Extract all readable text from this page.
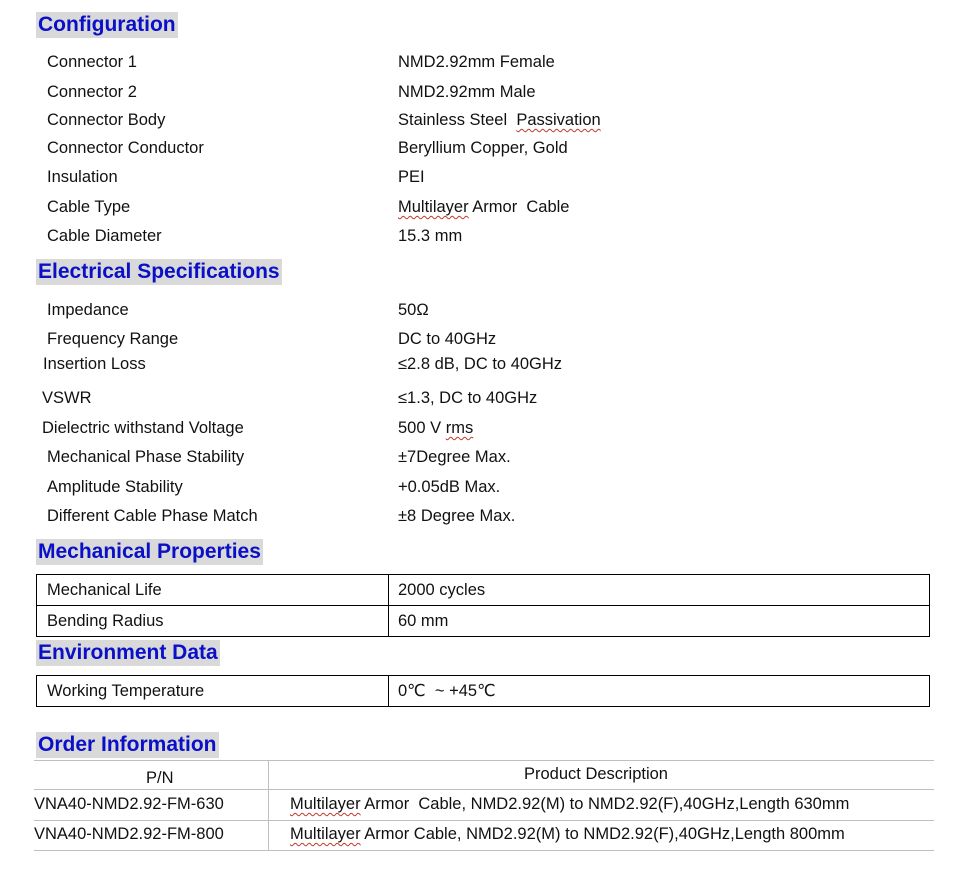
Configuration
Connector 1	NMD2.92mm Female
Connector 2	NMD2.92mm Male
Connector Body	Stainless Steel  Passivation
Connector Conductor	Beryllium Copper, Gold
Insulation	PEI
Cable Type	Multilayer Armor  Cable
Cable Diameter	15.3 mm
Electrical Specifications
Impedance	50Ω
Frequency Range	DC to 40GHz
Insertion Loss	≤2.8 dB, DC to 40GHz
VSWR	≤1.3, DC to 40GHz
Dielectric withstand Voltage	500 V rms
Mechanical Phase Stability	±7Degree Max.
Amplitude Stability	+0.05dB Max.
Different Cable Phase Match	±8 Degree Max.
Mechanical Properties
Mechanical Life	2000 cycles
Bending Radius	60 mm
Environment Data
Working Temperature	0℃  ~ +45℃
Order Information
P/N	Product Description
VNA40-NMD2.92-FM-630	Multilayer Armor  Cable, NMD2.92(M) to NMD2.92(F),40GHz,Length 630mm
VNA40-NMD2.92-FM-800	Multilayer Armor Cable, NMD2.92(M) to NMD2.92(F),40GHz,Length 800mm
